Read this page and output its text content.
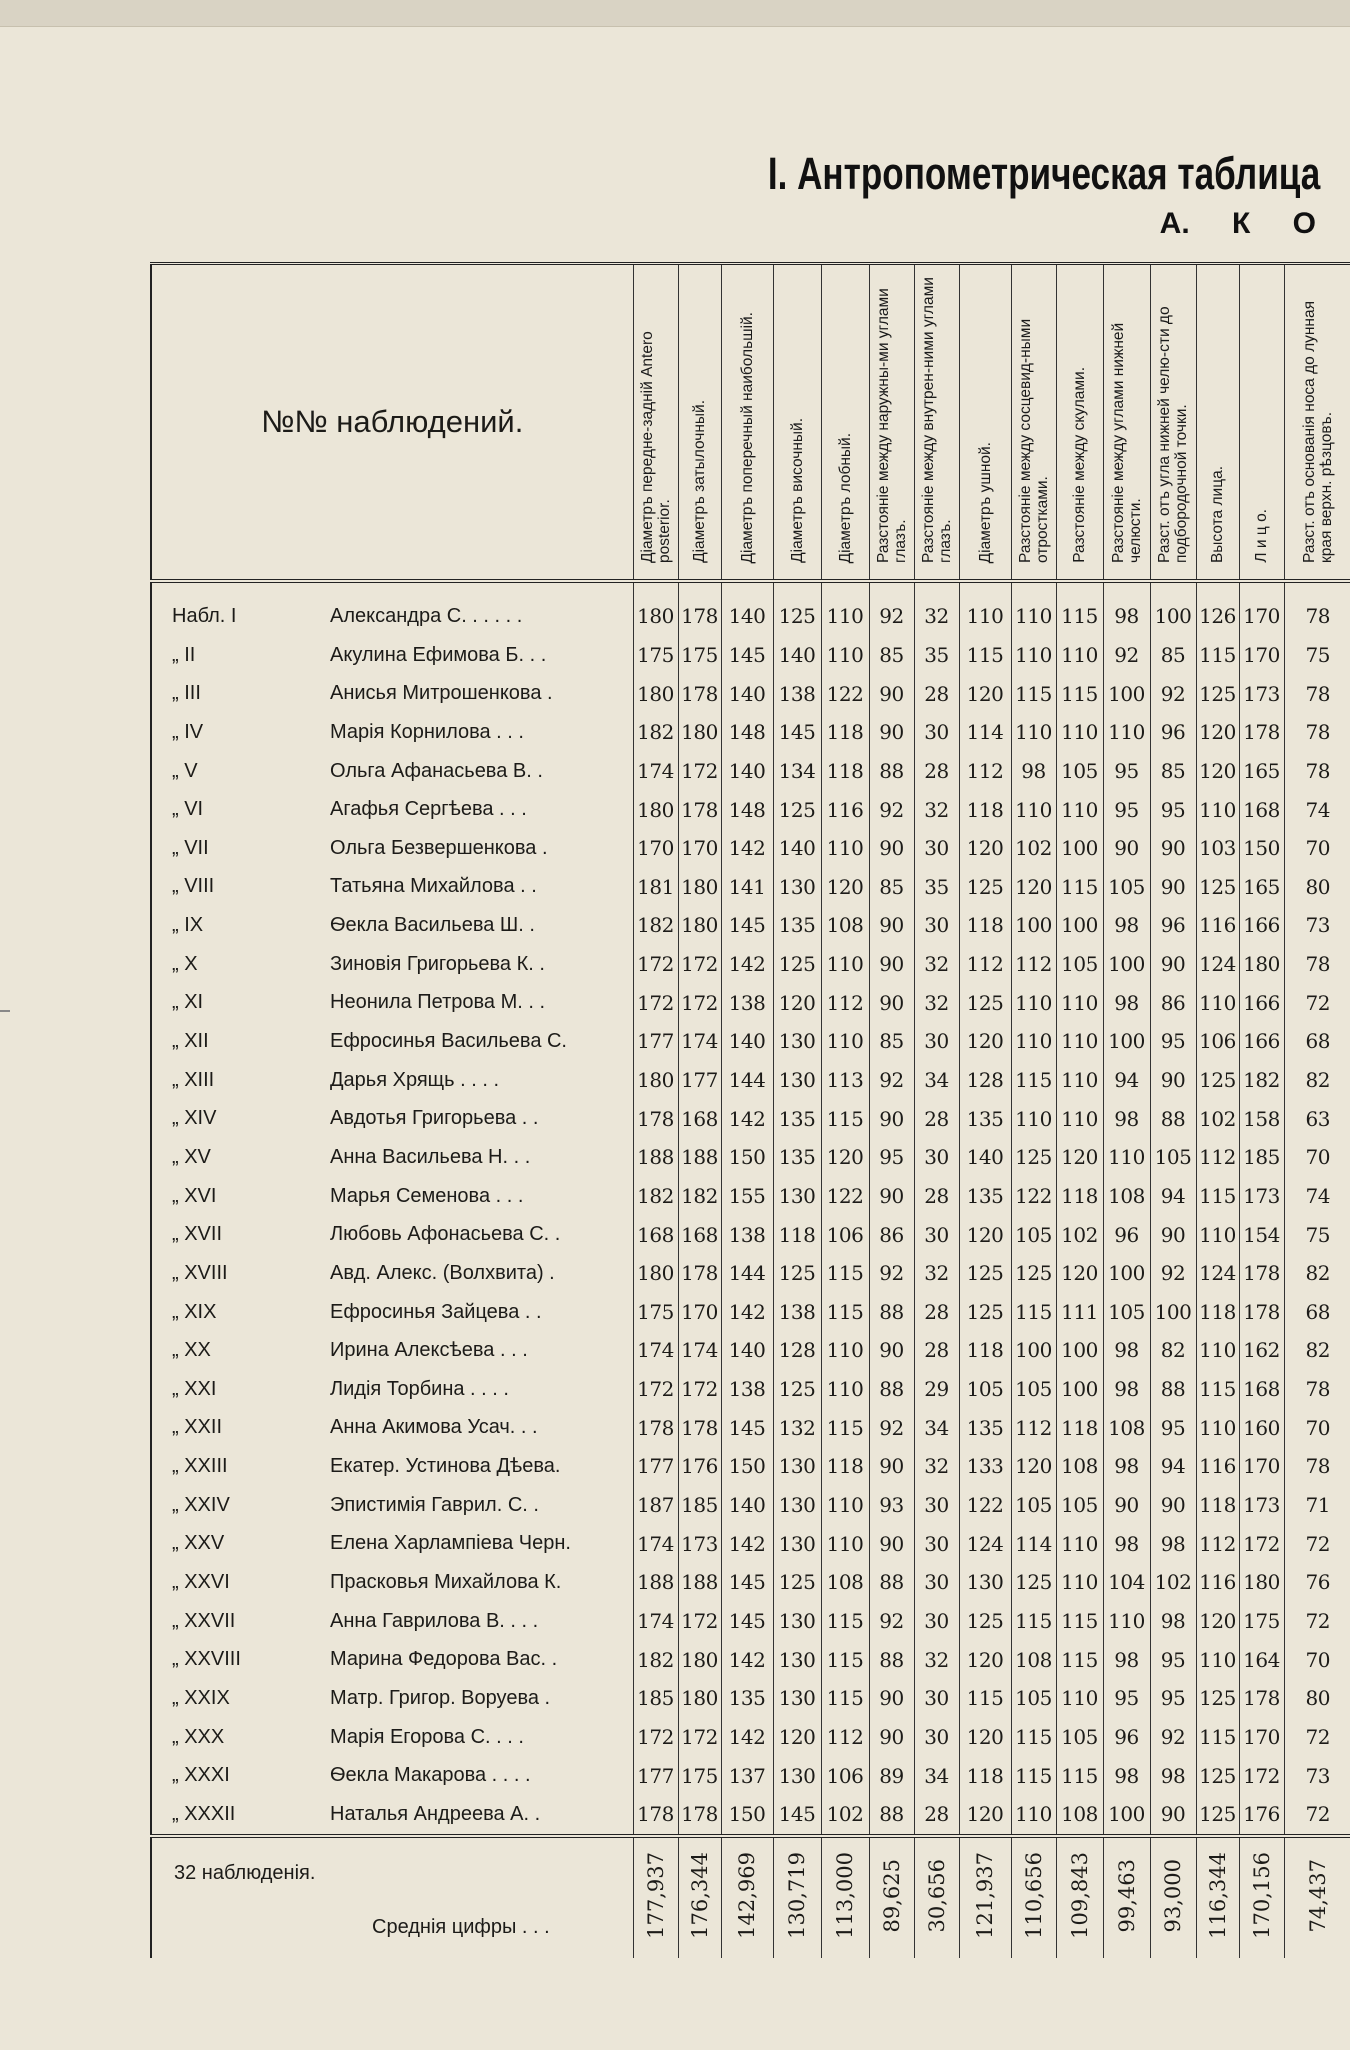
I. Антропометрическая таблица
А. К О
№№ наблюдений.	Діаметръ передне-задній Antero posterior.	Діаметръ затылочный.	Діаметръ поперечный наибольшій.	Діаметръ височный.	Діаметръ лобный.	Разстояніе между наружны-ми углами глазъ.	Разстояніе между внутрен-ними углами глазъ.	Діаметръ ушной.	Разстояніе между сосцевид-ными отростками.	Разстояніе между скулами.	Разстояніе между углами нижней челюсти.	Разст. отъ угла нижней челю-сти до подбородочной точки.	Высота лица.	Л и ц о.	Разст. отъ основанія носа до лунная края верхн. рѣзцовъ.

Набл. I Александра С. . . . . .	180	178	140	125	110	92	32	110	110	115	98	100	126	170	78

„ II Акулина Ефимова Б. . .	175	175	145	140	110	85	35	115	110	110	92	85	115	170	75

„ III Анисья Митрошенкова .	180	178	140	138	122	90	28	120	115	115	100	92	125	173	78

„ IV Марія Корнилова . . .	182	180	148	145	118	90	30	114	110	110	110	96	120	178	78

„ V Ольга Афанасьева В. .	174	172	140	134	118	88	28	112	98	105	95	85	120	165	78

„ VI Агафья Сергѣева . . .	180	178	148	125	116	92	32	118	110	110	95	95	110	168	74

„ VII Ольга Безвершенкова .	170	170	142	140	110	90	30	120	102	100	90	90	103	150	70

„ VIII Татьяна Михайлова . .	181	180	141	130	120	85	35	125	120	115	105	90	125	165	80

„ IX Ѳекла Васильева Ш. .	182	180	145	135	108	90	30	118	100	100	98	96	116	166	73

„ X Зиновія Григорьева К. .	172	172	142	125	110	90	32	112	112	105	100	90	124	180	78

„ XI Неонила Петрова М. . .	172	172	138	120	112	90	32	125	110	110	98	86	110	166	72

„ XII Ефросинья Васильева С.	177	174	140	130	110	85	30	120	110	110	100	95	106	166	68

„ XIII Дарья Хрящь . . . .	180	177	144	130	113	92	34	128	115	110	94	90	125	182	82

„ XIV Авдотья Григорьева . .	178	168	142	135	115	90	28	135	110	110	98	88	102	158	63

„ XV Анна Васильева Н. . .	188	188	150	135	120	95	30	140	125	120	110	105	112	185	70

„ XVI Марья Семенова . . .	182	182	155	130	122	90	28	135	122	118	108	94	115	173	74

„ XVII Любовь Афонасьева С. .	168	168	138	118	106	86	30	120	105	102	96	90	110	154	75

„ XVIII Авд. Алекс. (Волхвита) .	180	178	144	125	115	92	32	125	125	120	100	92	124	178	82

„ XIX Ефросинья Зайцева . .	175	170	142	138	115	88	28	125	115	111	105	100	118	178	68

„ XX Ирина Алексѣева . . .	174	174	140	128	110	90	28	118	100	100	98	82	110	162	82

„ XXI Лидія Торбина . . . .	172	172	138	125	110	88	29	105	105	100	98	88	115	168	78

„ XXII Анна Акимова Усач. . .	178	178	145	132	115	92	34	135	112	118	108	95	110	160	70

„ XXIII Екатер. Устинова Дѣева.	177	176	150	130	118	90	32	133	120	108	98	94	116	170	78

„ XXIV Эпистимія Гаврил. С. .	187	185	140	130	110	93	30	122	105	105	90	90	118	173	71

„ XXV Елена Харлампіева Черн.	174	173	142	130	110	90	30	124	114	110	98	98	112	172	72

„ XXVI Прасковья Михайлова К.	188	188	145	125	108	88	30	130	125	110	104	102	116	180	76

„ XXVII Анна Гаврилова В. . . .	174	172	145	130	115	92	30	125	115	115	110	98	120	175	72

„ XXVIII Марина Федорова Вас. .	182	180	142	130	115	88	32	120	108	115	98	95	110	164	70

„ XXIX Матр. Григор. Воруева .	185	180	135	130	115	90	30	115	105	110	95	95	125	178	80

„ XXX Марія Егорова С. . . .	172	172	142	120	112	90	30	120	115	105	96	92	115	170	72

„ XXXI Ѳекла Макарова . . . .	177	175	137	130	106	89	34	118	115	115	98	98	125	172	73

„ XXXII Наталья Андреева А. .	178	178	150	145	102	88	28	120	110	108	100	90	125	176	72

32 наблюденія.
Среднія цифры . . .	177,937	176,344	142,969	130,719	113,000	89,625	30,656	121,937	110,656	109,843	99,463	93,000	116,344	170,156	74,437
